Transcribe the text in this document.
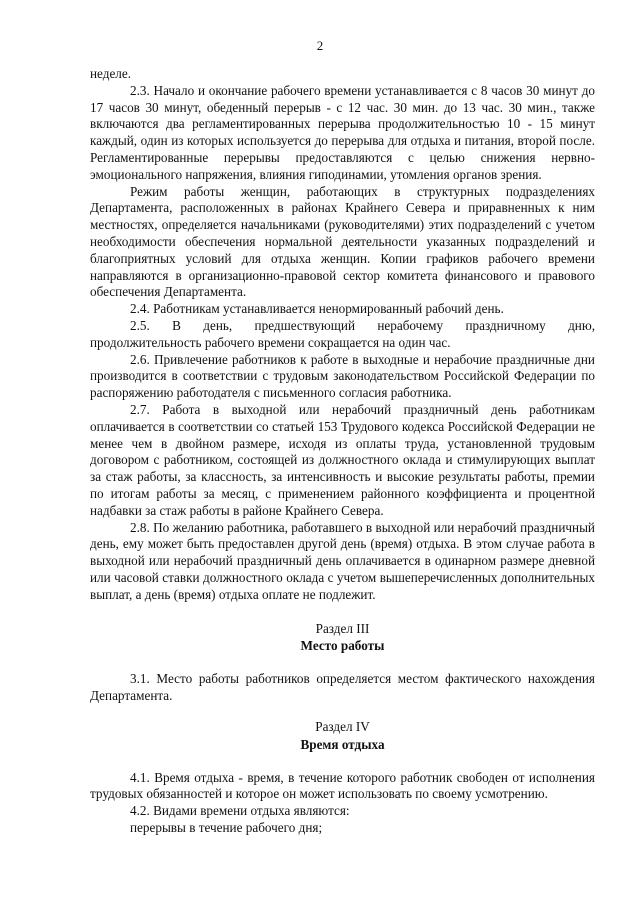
2

неделе.

2.3. Начало и окончание рабочего времени устанавливается с 8 часов 30 минут до 17 часов 30 минут, обеденный перерыв - с 12 час. 30 мин. до 13 час. 30 мин., также включаются два регламентированных перерыва продолжительностью 10 - 15 минут каждый, один из которых используется до перерыва для отдыха и питания, второй после. Регламентированные перерывы предоставляются с целью снижения нервно-эмоционального напряжения, влияния гиподинамии, утомления органов зрения.

Режим работы женщин, работающих в структурных подразделениях Департамента, расположенных в районах Крайнего Севера и приравненных к ним местностях, определяется начальниками (руководителями) этих подразделений с учетом необходимости обеспечения нормальной деятельности указанных подразделений и благоприятных условий для отдыха женщин. Копии графиков рабочего времени направляются в организационно-правовой сектор комитета финансового и правового обеспечения Департамента.

2.4. Работникам устанавливается ненормированный рабочий день.

2.5. В день, предшествующий нерабочему праздничному дню, продолжительность рабочего времени сокращается на один час.

2.6. Привлечение работников к работе в выходные и нерабочие праздничные дни производится в соответствии с трудовым законодательством Российской Федерации по распоряжению работодателя с письменного согласия работника.

2.7. Работа в выходной или нерабочий праздничный день работникам оплачивается в соответствии со статьей 153 Трудового кодекса Российской Федерации не менее чем в двойном размере, исходя из оплаты труда, установленной трудовым договором с работником, состоящей из должностного оклада и стимулирующих выплат за стаж работы, за классность, за интенсивность и высокие результаты работы, премии по итогам работы за месяц, с применением районного коэффициента и процентной надбавки за стаж работы в районе Крайнего Севера.

2.8. По желанию работника, работавшего в выходной или нерабочий праздничный день, ему может быть предоставлен другой день (время) отдыха. В этом случае работа в выходной или нерабочий праздничный день оплачивается в одинарном размере дневной или часовой ставки должностного оклада с учетом вышеперечисленных дополнительных выплат, а день (время) отдыха оплате не подлежит.

Раздел III

Место работы

3.1. Место работы работников определяется местом фактического нахождения Департамента.

Раздел IV

Время отдыха

4.1. Время отдыха - время, в течение которого работник свободен от исполнения трудовых обязанностей и которое он может использовать по своему усмотрению.

4.2. Видами времени отдыха являются:

перерывы в течение рабочего дня;
